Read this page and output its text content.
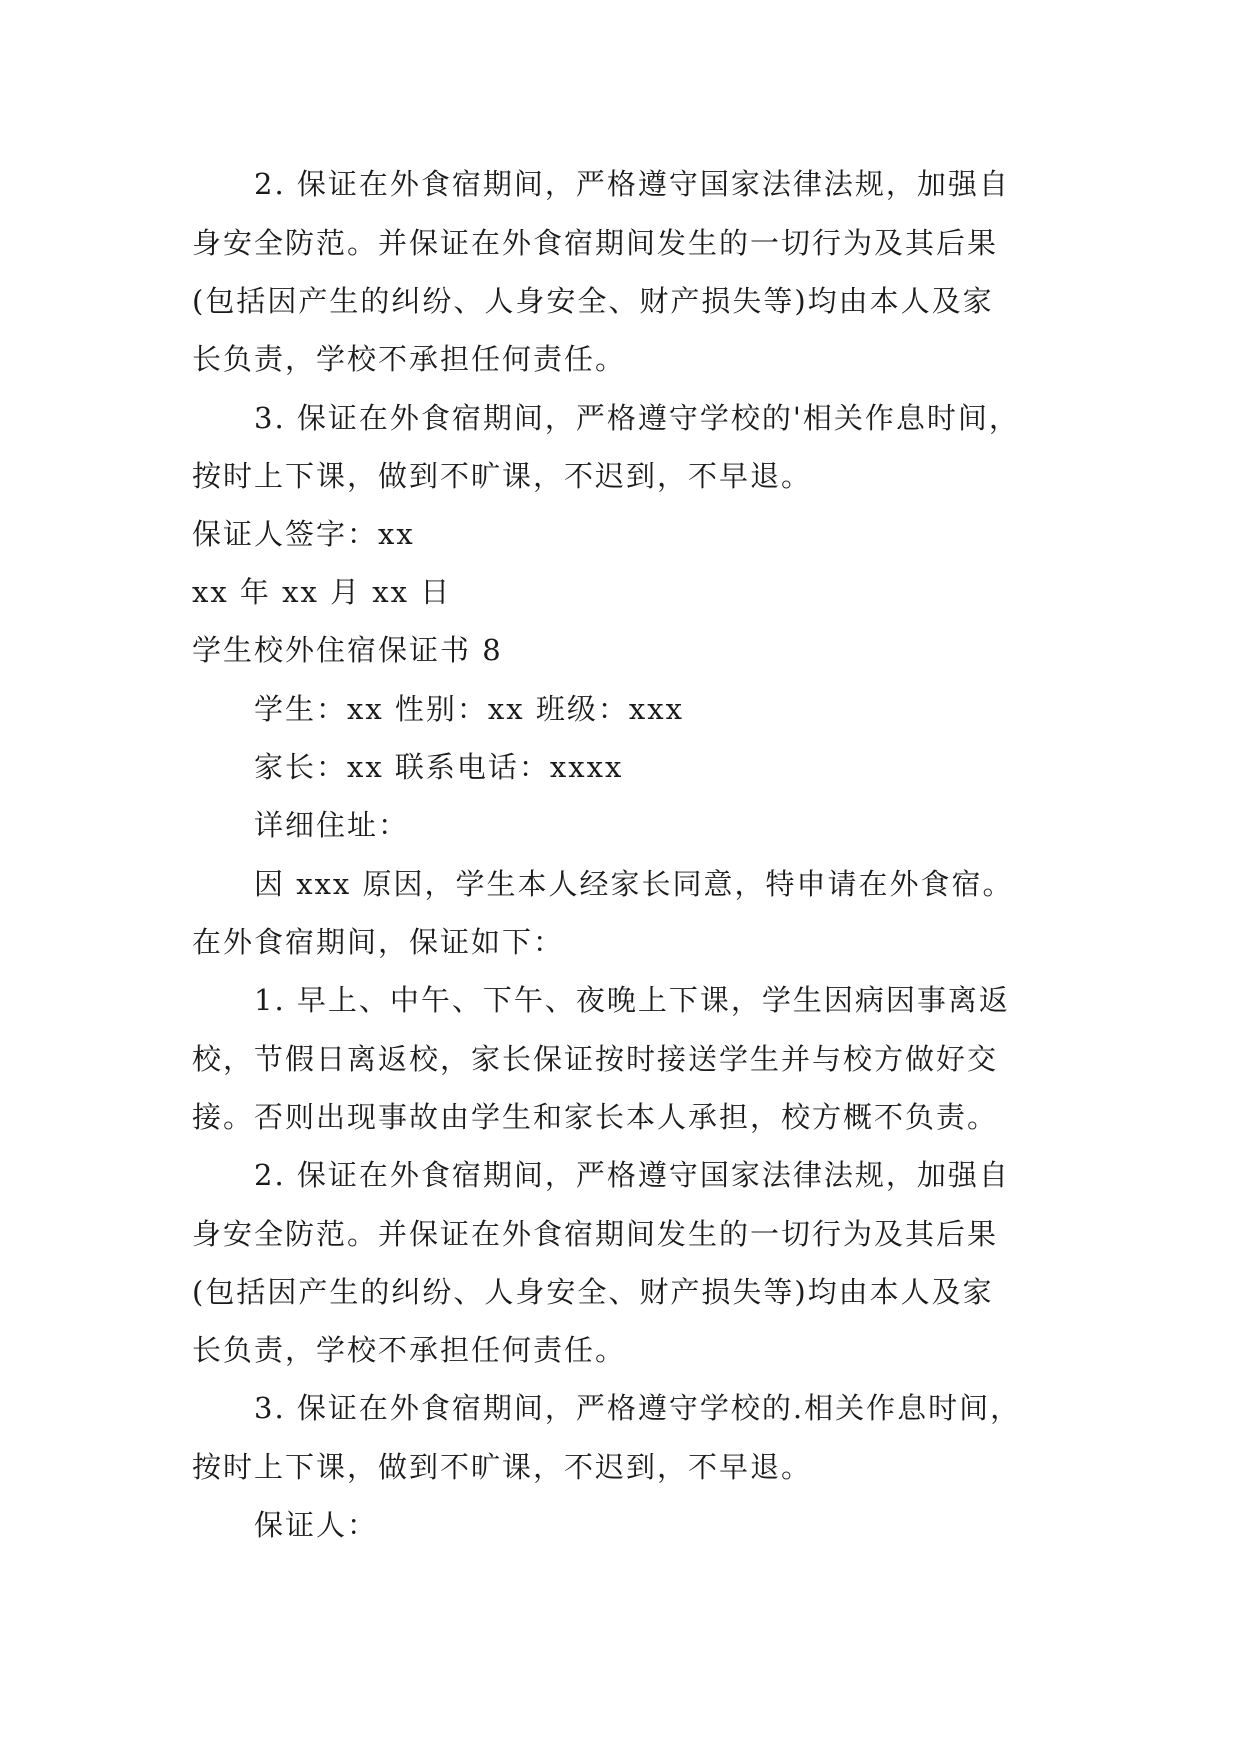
2. 保证在外食宿期间，严格遵守国家法律法规，加强自

身安全防范。并保证在外食宿期间发生的一切行为及其后果

(包括因产生的纠纷、人身安全、财产损失等)均由本人及家

长负责，学校不承担任何责任。

3. 保证在外食宿期间，严格遵守学校的'相关作息时间，

按时上下课，做到不旷课，不迟到，不早退。

保证人签字：xx

xx 年 xx 月 xx 日

学生校外住宿保证书 8

学生：xx 性别：xx 班级：xxx

家长：xx 联系电话：xxxx

详细住址：

因 xxx 原因，学生本人经家长同意，特申请在外食宿。

在外食宿期间，保证如下：

1. 早上、中午、下午、夜晚上下课，学生因病因事离返

校，节假日离返校，家长保证按时接送学生并与校方做好交

接。否则出现事故由学生和家长本人承担，校方概不负责。

2. 保证在外食宿期间，严格遵守国家法律法规，加强自

身安全防范。并保证在外食宿期间发生的一切行为及其后果

(包括因产生的纠纷、人身安全、财产损失等)均由本人及家

长负责，学校不承担任何责任。

3. 保证在外食宿期间，严格遵守学校的.相关作息时间，

按时上下课，做到不旷课，不迟到，不早退。

保证人：
